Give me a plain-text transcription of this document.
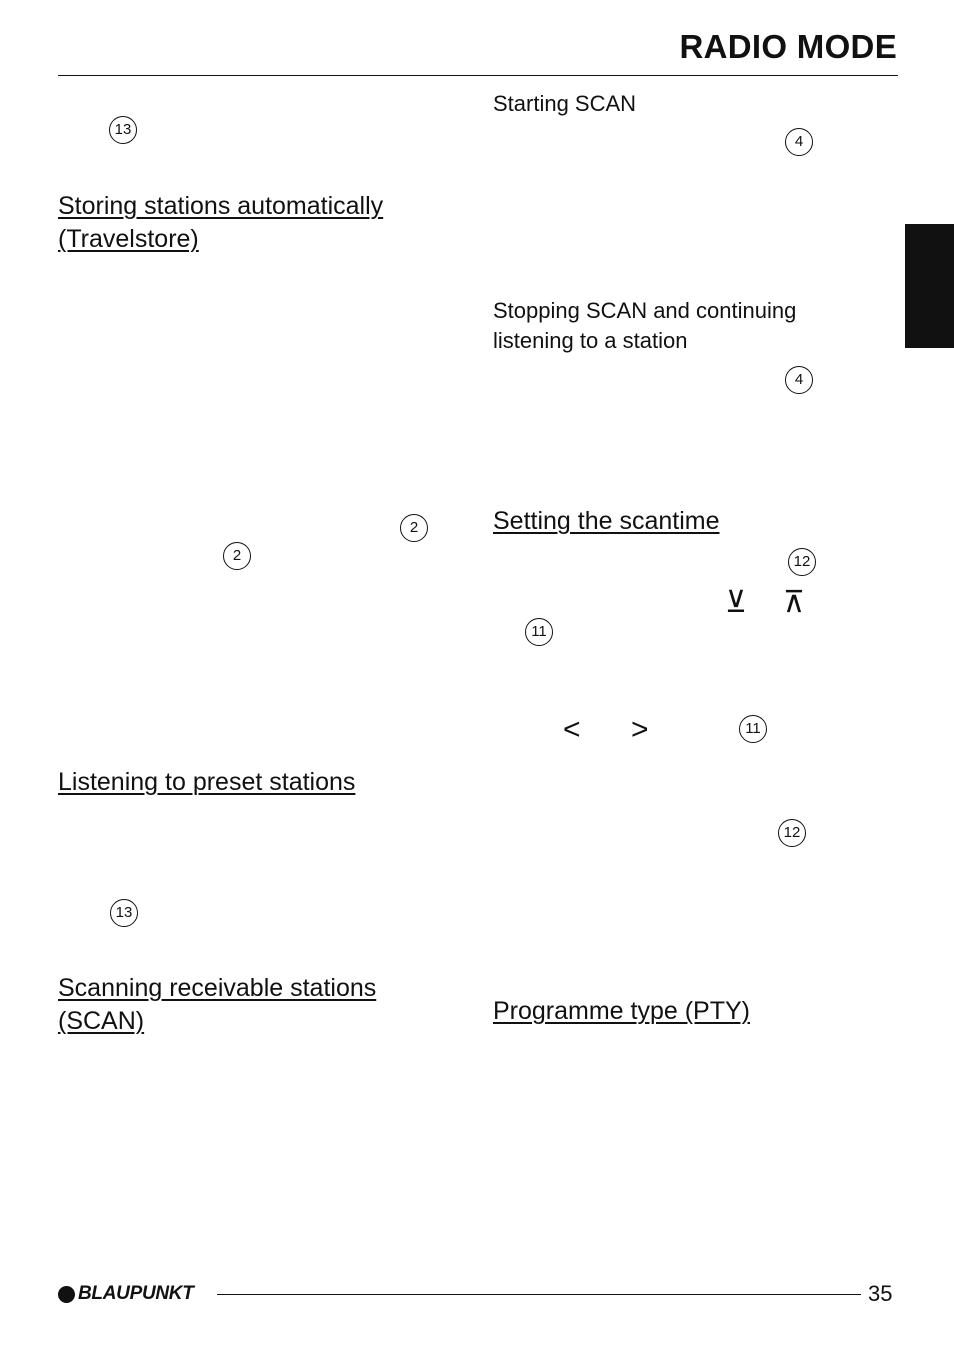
RADIO MODE
13
Storing stations automatically
(Travelstore)
2
2
Listening to preset stations
13
Scanning receivable stations
(SCAN)
Starting SCAN
4
Stopping SCAN and continuing
listening to a station
4
Setting the scantime
12
⊻ ⊼
11
< >	11
12
Programme type (PTY)
BLAUPUNKT	35
